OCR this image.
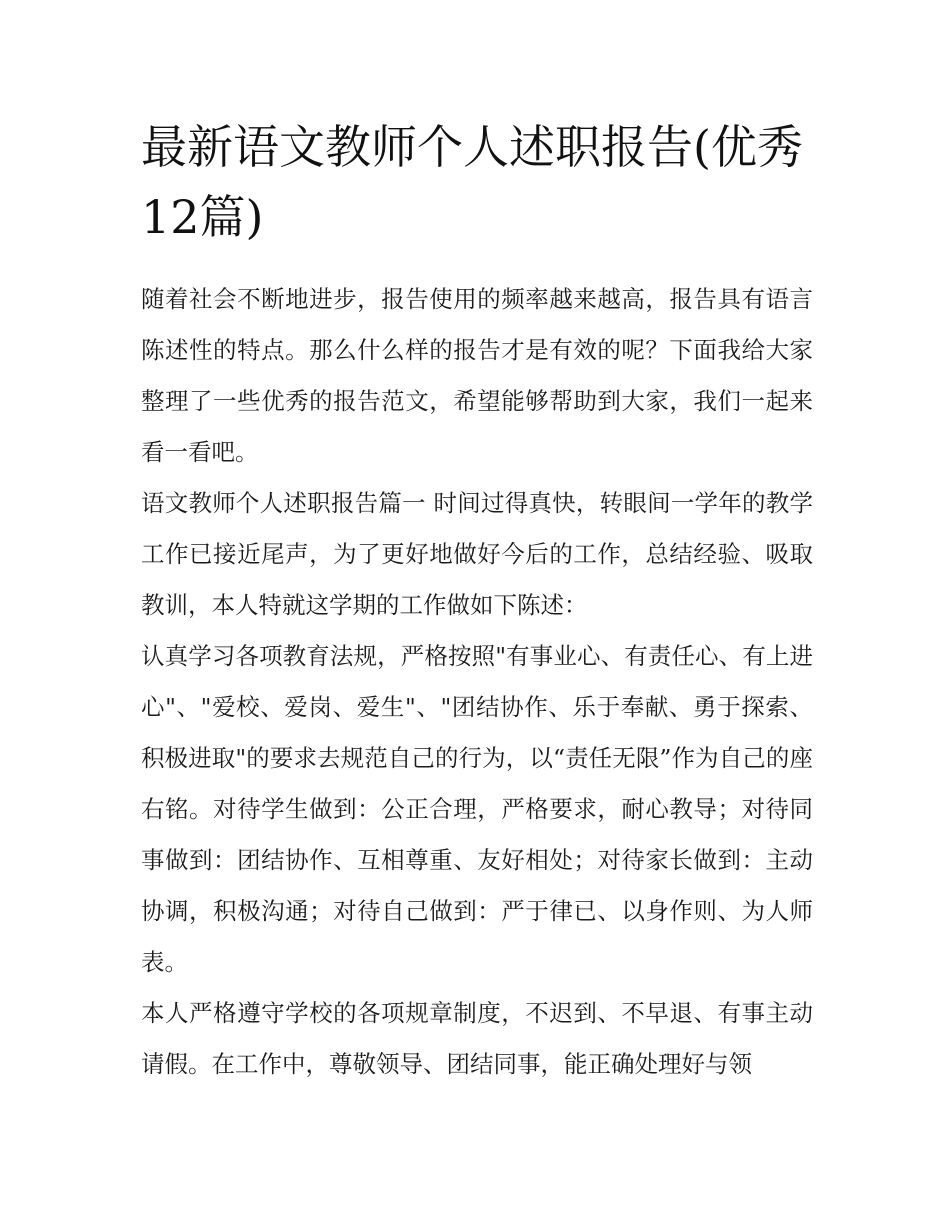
最新语文教师个人述职报告(优秀12篇)

随着社会不断地进步，报告使用的频率越来越高，报告具有语言陈述性的特点。那么什么样的报告才是有效的呢？下面我给大家整理了一些优秀的报告范文，希望能够帮助到大家，我们一起来看一看吧。

语文教师个人述职报告篇一 时间过得真快，转眼间一学年的教学工作已接近尾声，为了更好地做好今后的工作，总结经验、吸取教训，本人特就这学期的工作做如下陈述：

认真学习各项教育法规，严格按照"有事业心、有责任心、有上进心"、"爱校、爱岗、爱生"、"团结协作、乐于奉献、勇于探索、积极进取"的要求去规范自己的行为，以“责任无限”作为自己的座右铭。对待学生做到：公正合理，严格要求，耐心教导；对待同事做到：团结协作、互相尊重、友好相处；对待家长做到：主动协调，积极沟通；对待自己做到：严于律已、以身作则、为人师表。

本人严格遵守学校的各项规章制度，不迟到、不早退、有事主动请假。在工作中，尊敬领导、团结同事，能正确处理好与领
